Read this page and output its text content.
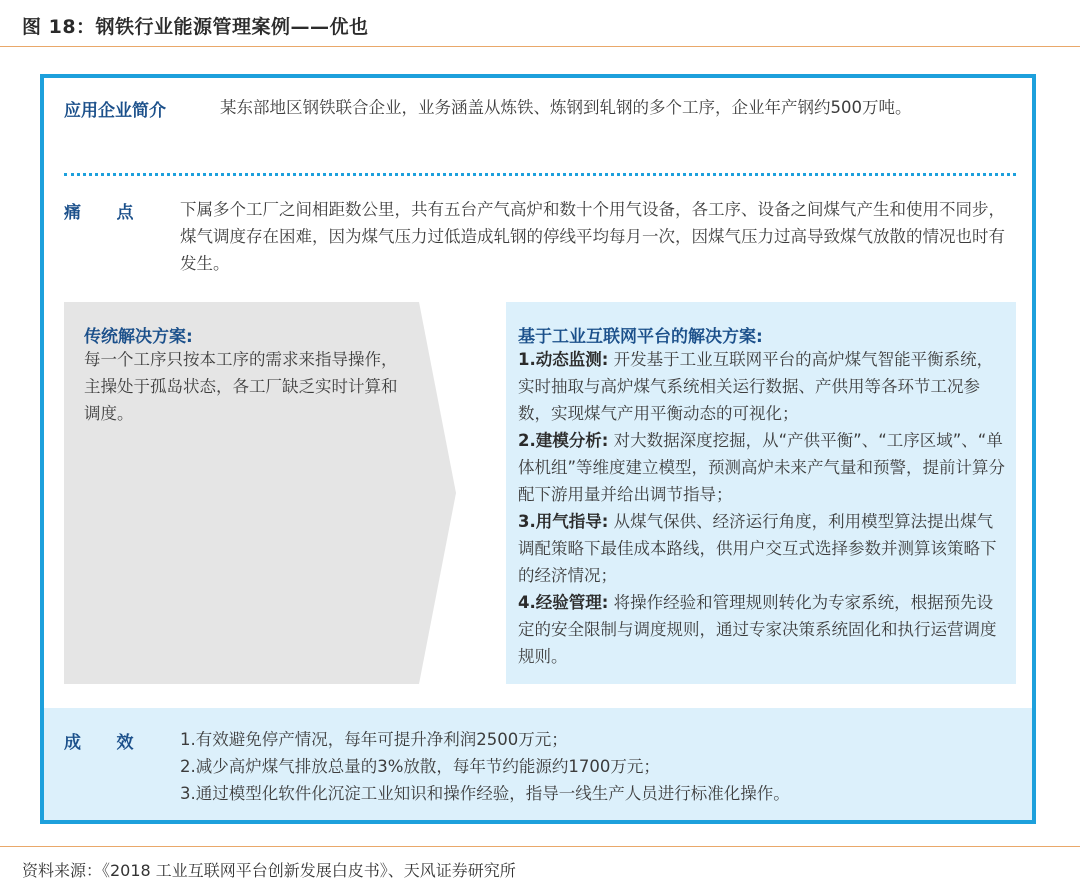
图 18：钢铁行业能源管理案例——优也
应用企业简介	某东部地区钢铁联合企业，业务涵盖从炼铁、炼钢到轧钢的多个工序，企业年产钢约500万吨。
痛      点	下属多个工厂之间相距数公里，共有五台产气高炉和数十个用气设备，各工序、设备之间煤气产生和使用不同步，煤气调度存在困难，因为煤气压力过低造成轧钢的停线平均每月一次，因煤气压力过高导致煤气放散的情况也时有发生。
传统解决方案:
每一个工序只按本工序的需求来指导操作，主操处于孤岛状态，各工厂缺乏实时计算和调度。
基于工业互联网平台的解决方案:
1.动态监测: 开发基于工业互联网平台的高炉煤气智能平衡系统，实时抽取与高炉煤气系统相关运行数据、产供用等各环节工况参数，实现煤气产用平衡动态的可视化；
2.建模分析: 对大数据深度挖掘，从“产供平衡”、“工序区域”、“单体机组”等维度建立模型，预测高炉未来产气量和预警，提前计算分配下游用量并给出调节指导；
3.用气指导: 从煤气保供、经济运行角度，利用模型算法提出煤气调配策略下最佳成本路线，供用户交互式选择参数并测算该策略下的经济情况；
4.经验管理: 将操作经验和管理规则转化为专家系统，根据预先设定的安全限制与调度规则，通过专家决策系统固化和执行运营调度规则。
成      效	1.有效避免停产情况，每年可提升净利润2500万元；
2.减少高炉煤气排放总量的3%放散，每年节约能源约1700万元；
3.通过模型化软件化沉淀工业知识和操作经验，指导一线生产人员进行标准化操作。
资料来源：《2018 工业互联网平台创新发展白皮书》、天风证券研究所
